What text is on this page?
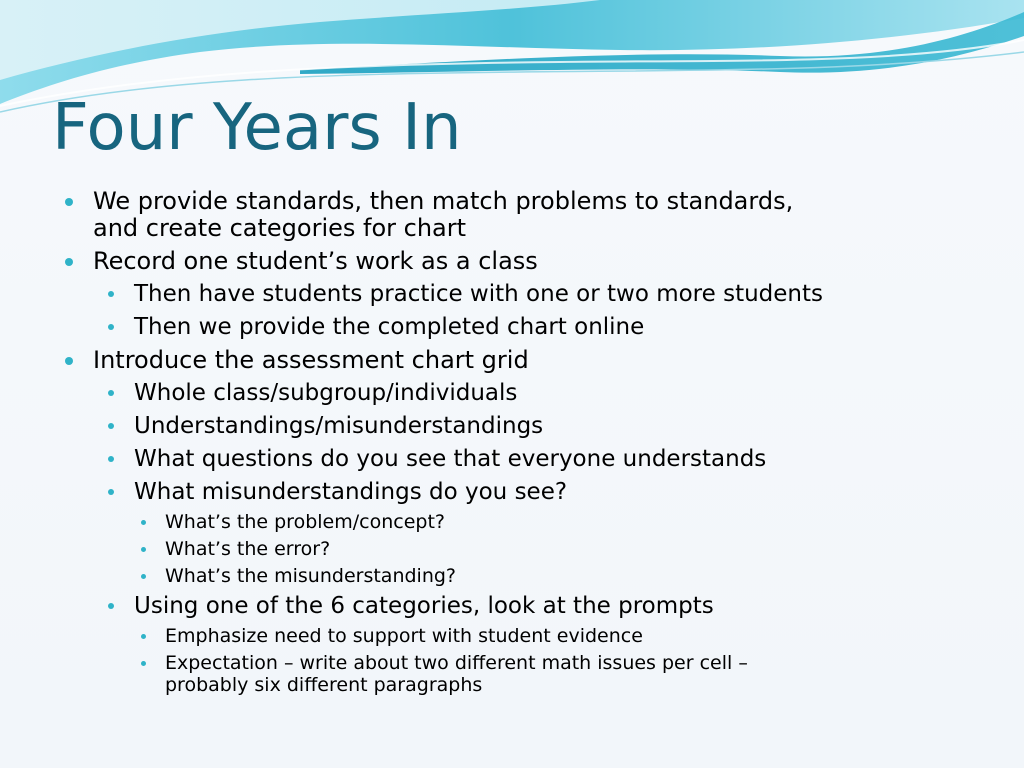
Four Years In
We provide standards, then match problems to standards,
and create categories for chart
Record one student’s work as a class
Then have students practice with one or two more students
Then we provide the completed chart online
Introduce the assessment chart grid
Whole class/subgroup/individuals
Understandings/misunderstandings
What questions do you see that everyone understands
What misunderstandings do you see?
What’s the problem/concept?
What’s the error?
What’s the misunderstanding?
Using one of the 6 categories, look at the prompts
Emphasize need to support with student evidence
Expectation – write about two different math issues per cell –
probably six different paragraphs
